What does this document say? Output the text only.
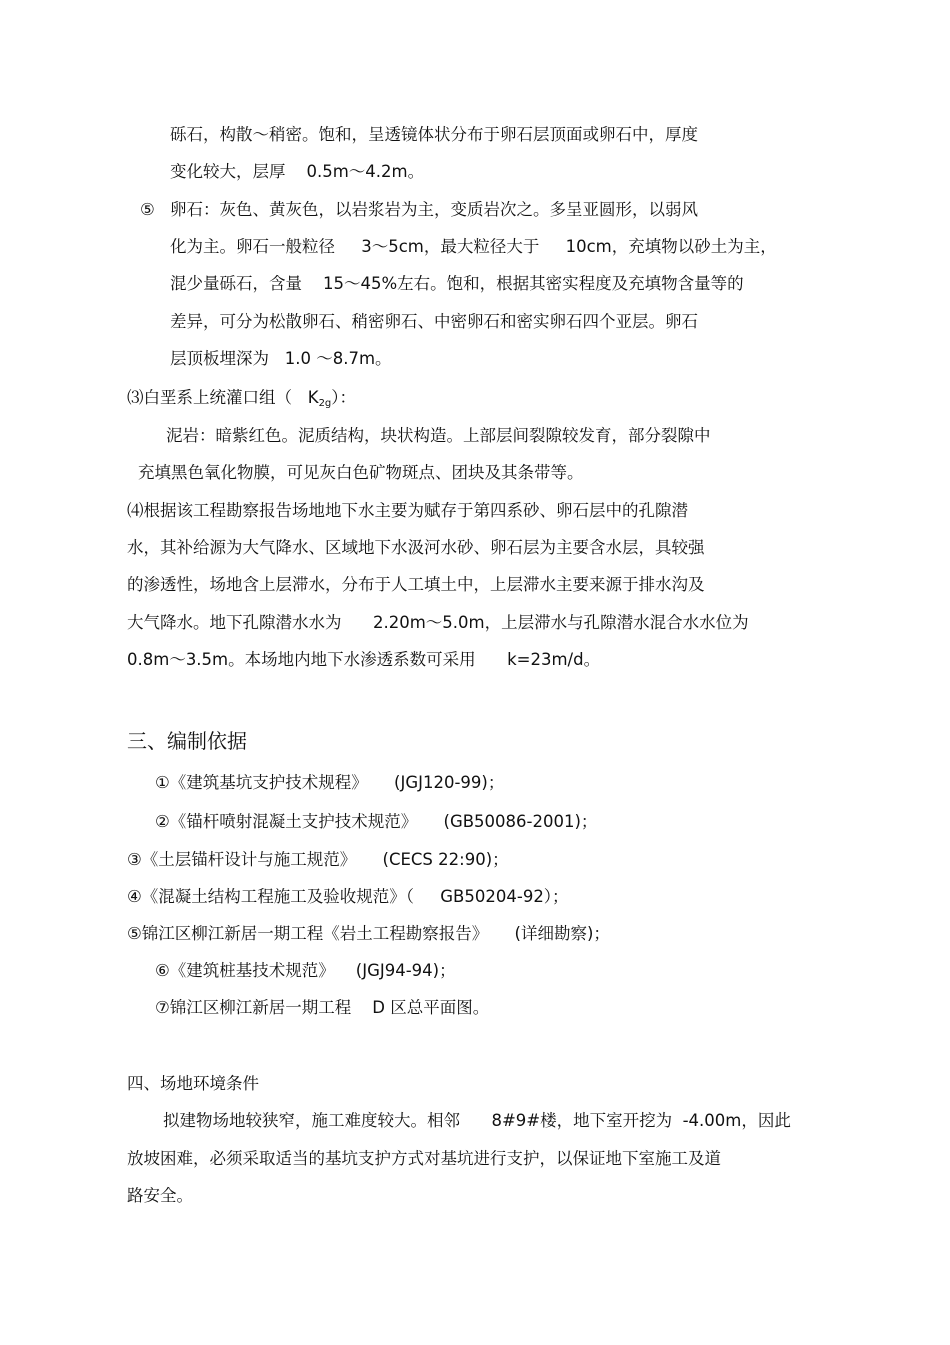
砾石，构散～稍密。饱和，呈透镜体状分布于卵石层顶面或卵石中，厚度
变化较大，层厚    0.5m～4.2m。
⑤ 卵石：灰色、黄灰色，以岩浆岩为主，变质岩次之。多呈亚圆形，以弱风
化为主。卵石一般粒径     3～5cm，最大粒径大于     10cm，充填物以砂土为主，
混少量砾石，含量    15～45%左右。饱和，根据其密实程度及充填物含量等的
差异，可分为松散卵石、稍密卵石、中密卵石和密实卵石四个亚层。卵石
层顶板埋深为   1.0 ～8.7m。
⑶白垩系上统灌口组（   $K_{2g}$）：
泥岩：暗紫红色。泥质结构，块状构造。上部层间裂隙较发育，部分裂隙中
充填黑色氧化物膜，可见灰白色矿物斑点、团块及其条带等。
⑷根据该工程勘察报告场地地下水主要为赋存于第四系砂、卵石层中的孔隙潜
水，其补给源为大气降水、区域地下水汲河水砂、卵石层为主要含水层，具较强
的渗透性，场地含上层滞水，分布于人工填土中，上层滞水主要来源于排水沟及
大气降水。地下孔隙潜水水为      2.20m～5.0m，上层滞水与孔隙潜水混合水水位为
0.8m～3.5m。本场地内地下水渗透系数可采用      k=23m/d。
三、编制依据
①《建筑基坑支护技术规程》     (JGJ120-99)；
②《锚杆喷射混凝土支护技术规范》     (GB50086-2001)；
③《土层锚杆设计与施工规范》     (CECS 22:90)；
④《混凝土结构工程施工及验收规范》（     GB50204-92）；
⑤锦江区柳江新居一期工程《岩土工程勘察报告》     (详细勘察)；
⑥《建筑桩基技术规范》    (JGJ94-94)；
⑦锦江区柳江新居一期工程    D 区总平面图。
四、场地环境条件
拟建物场地较狭窄，施工难度较大。相邻      8#9#楼，地下室开挖为  -4.00m，因此
放坡困难，必须采取适当的基坑支护方式对基坑进行支护，以保证地下室施工及道
路安全。
